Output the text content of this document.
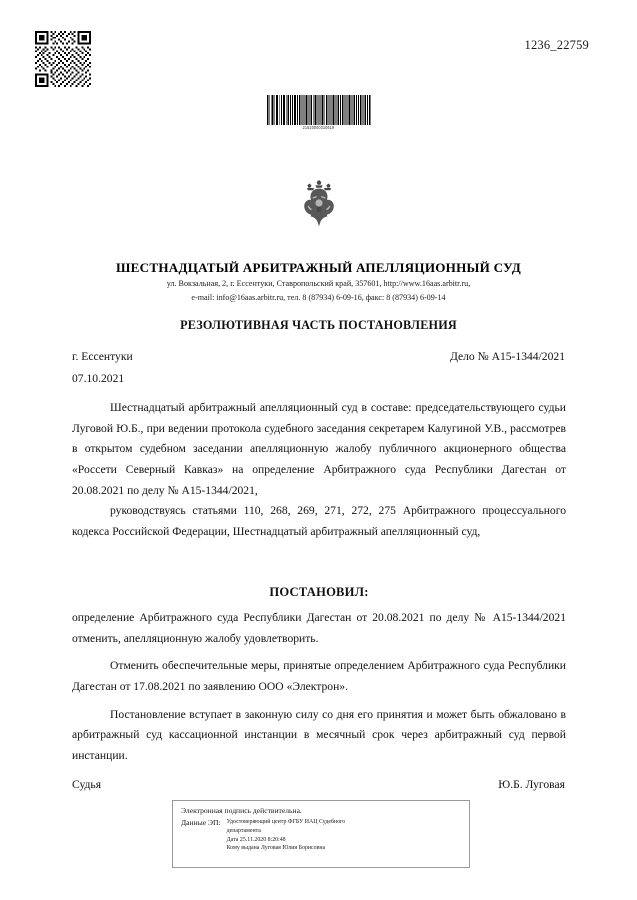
1236_22759
21620000310619
ШЕСТНАДЦАТЫЙ АРБИТРАЖНЫЙ АПЕЛЛЯЦИОННЫЙ СУД
ул. Вокзальная, 2, г. Ессентуки, Ставропольский край, 357601, http://www.16aas.arbitr.ru,
e-mail: info@16aas.arbitr.ru, тел. 8 (87934) 6-09-16, факс: 8 (87934) 6-09-14
РЕЗОЛЮТИВНАЯ ЧАСТЬ ПОСТАНОВЛЕНИЯ
г. Ессентуки	Дело № А15-1344/2021
07.10.2021

Шестнадцатый арбитражный апелляционный суд в составе: председательствующего судьи Луговой Ю.Б., при ведении протокола судебного заседания секретарем Калугиной У.В., рассмотрев в открытом судебном заседании апелляционную жалобу публичного акционерного общества «Россети Северный Кавказ» на определение Арбитражного суда Республики Дагестан от 20.08.2021 по делу № А15-1344/2021,

руководствуясь статьями 110, 268, 269, 271, 272, 275 Арбитражного процессуального кодекса Российской Федерации, Шестнадцатый арбитражный апелляционный суд,

ПОСТАНОВИЛ:

определение Арбитражного суда Республики Дагестан от 20.08.2021 по делу № А15-1344/2021 отменить, апелляционную жалобу удовлетворить.

Отменить обеспечительные меры, принятые определением Арбитражного суда Республики Дагестан от 17.08.2021 по заявлению ООО «Электрон».

Постановление вступает в законную силу со дня его принятия и может быть обжаловано в арбитражный суд кассационной инстанции в месячный срок через арбитражный суд первой инстанции.

Судья	Ю.Б. Луговая
Электронная подпись действительна.
Данные ЭП:	Удостоверяющий центр ФГБУ ИАЦ Судебного
департамента
Дата 25.11.2020 8:20:48
Кому выдана Луговая Юлия Борисовна
